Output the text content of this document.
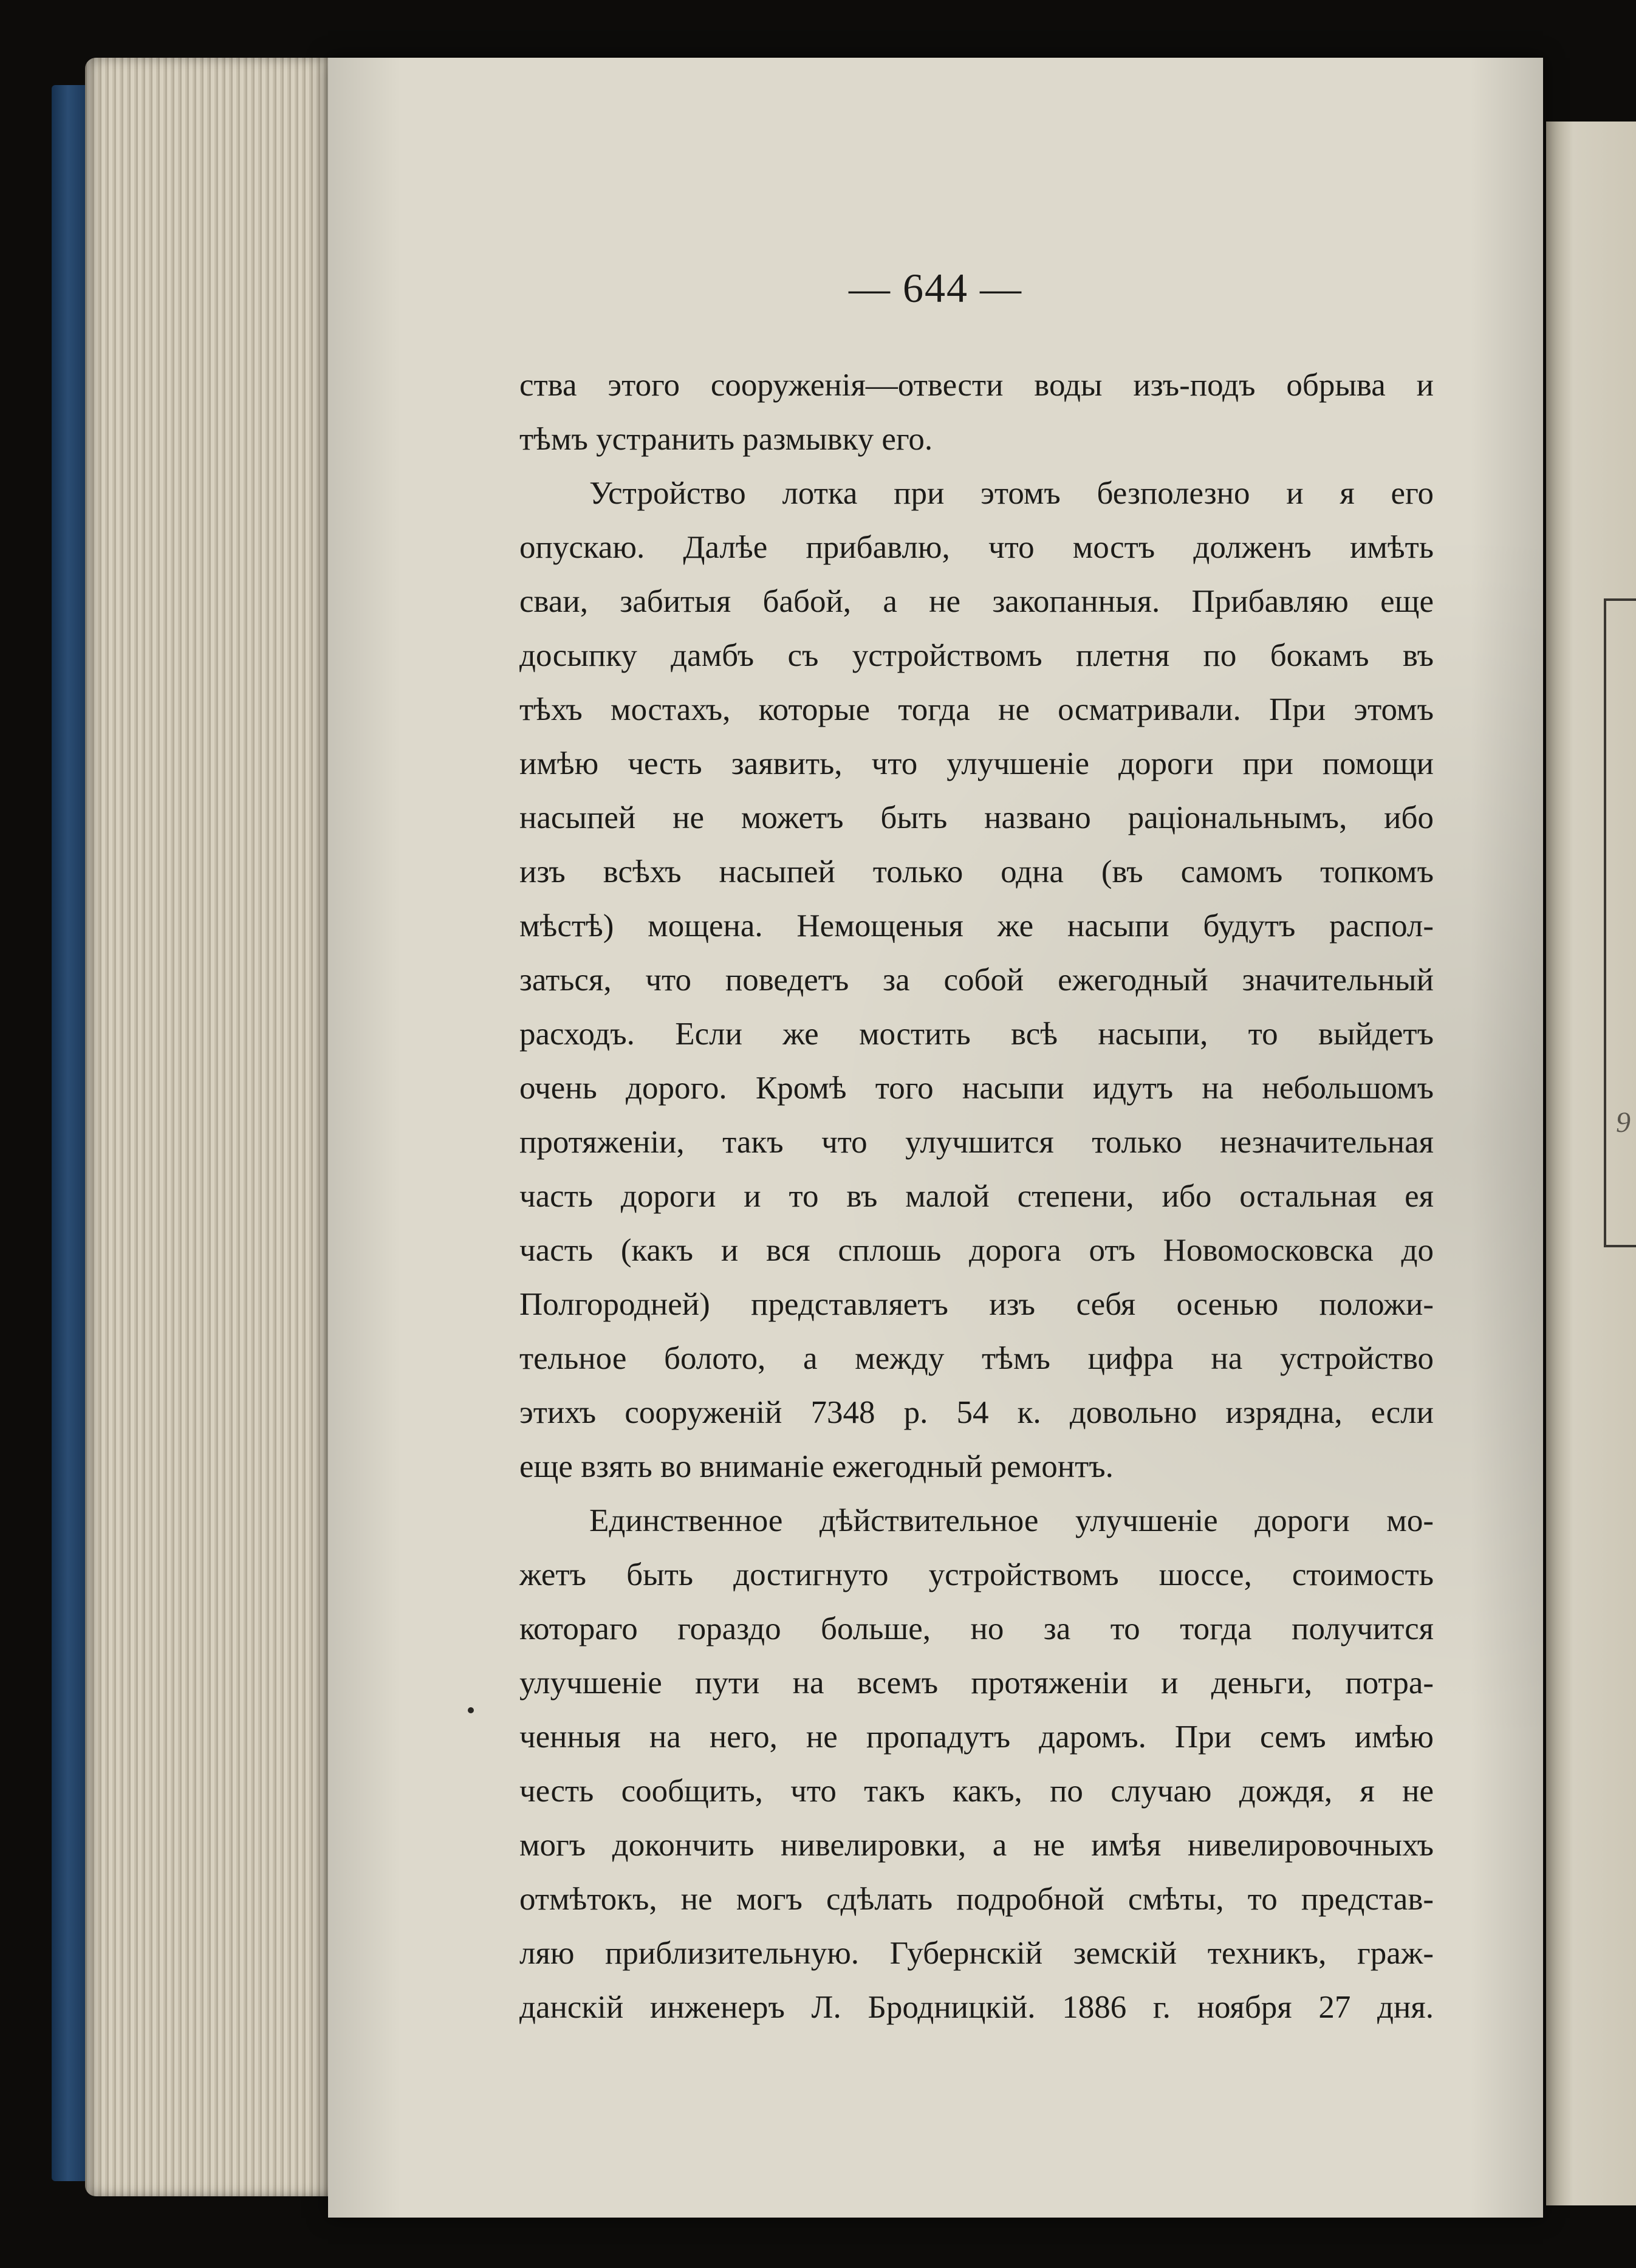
9
— 644 —
ства этого сооруженія—отвести воды изъ-подъ обрыва и
тѣмъ устранить размывку его.
Устройство лотка при этомъ безполезно и я его
опускаю. Далѣе прибавлю, что мостъ долженъ имѣть
сваи, забитыя бабой, а не закопанныя. Прибавляю еще
досыпку дамбъ съ устройствомъ плетня по бокамъ въ
тѣхъ мостахъ, которые тогда не осматривали. При этомъ
имѣю честь заявить, что улучшеніе дороги при помощи
насыпей не можетъ быть названо раціональнымъ, ибо
изъ всѣхъ насыпей только одна (въ самомъ топкомъ
мѣстѣ) мощена. Немощеныя же насыпи будутъ распол-
заться, что поведетъ за собой ежегодный значительный
расходъ. Если же мостить всѣ насыпи, то выйдетъ
очень дорого. Кромѣ того насыпи идутъ на небольшомъ
протяженіи, такъ что улучшится только незначительная
часть дороги и то въ малой степени, ибо остальная ея
часть (какъ и вся сплошь дорога отъ Новомосковска до
Полгородней) представляетъ изъ себя осенью положи-
тельное болото, а между тѣмъ цифра на устройство
этихъ сооруженій 7348 р. 54 к. довольно изрядна, если
еще взять во вниманіе ежегодный ремонтъ.
Единственное дѣйствительное улучшеніе дороги мо-
жетъ быть достигнуто устройствомъ шоссе, стоимость
котораго гораздо больше, но за то тогда получится
улучшеніе пути на всемъ протяженіи и деньги, потра-
ченныя на него, не пропадутъ даромъ. При семъ имѣю
честь сообщить, что такъ какъ, по случаю дождя, я не
могъ докончить нивелировки, а не имѣя нивелировочныхъ
отмѣтокъ, не могъ сдѣлать подробной смѣты, то представ-
ляю приблизительную. Губернскій земскій техникъ, граж-
данскій инженеръ Л. Бродницкій. 1886 г. ноября 27 дня.
